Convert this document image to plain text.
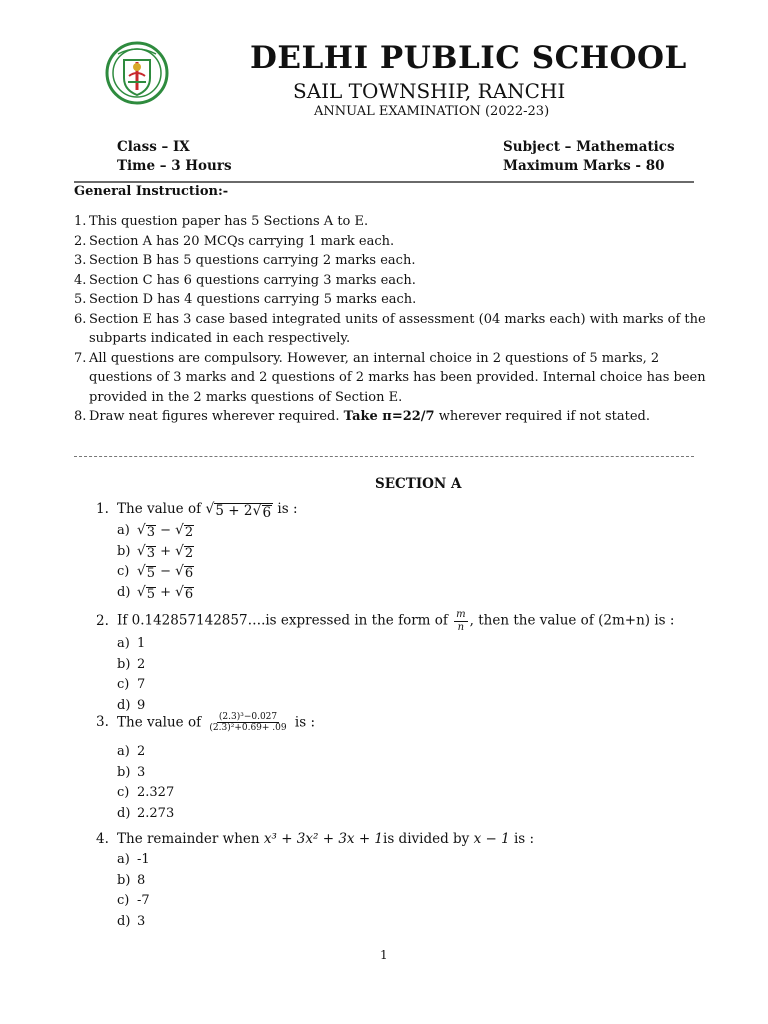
DELHI PUBLIC SCHOOL
SAIL TOWNSHIP, RANCHI
ANNUAL EXAMINATION (2022-23)
Class – IX
Time – 3 Hours
Subject – Mathematics
Maximum Marks - 80
General Instruction:-
1. This question paper has 5 Sections A to E.
2. Section A has 20 MCQs carrying 1 mark each.
3. Section B has 5 questions carrying 2 marks each.
4. Section C has 6 questions carrying 3 marks each.
5. Section D has 4 questions carrying 5 marks each.
6. Section E has 3 case based integrated units of assessment (04 marks each) with marks of the
subparts indicated in each respectively.
7. All questions are compulsory. However, an internal choice in 2 questions of 5 marks, 2
questions of 3 marks and 2 questions of 2 marks has been provided. Internal choice has been
provided in the 2 marks questions of Section E.
8. Draw neat figures wherever required. Take π=22/7 wherever required if not stated.
SECTION A
1. The value of √ 5 + 2 √ 6 is :
a) √ 3 − √ 2
b) √ 3 + √ 2
c) √ 5 − √ 6
d) √ 5 + √ 6
2. If 0.142857142857….is expressed in the form of $\frac{m}{n}$ , then the value of (2m+n) is :
a) 1
b) 2
c) 7
d) 9
3. The value of $\frac{\text{(2.3)³−0.027}}{\text{(2.3)²+0.69+ .09}}$ is :
a) 2
b) 3
c) 2.327
d) 2.273
4. The remainder when x³ + 3x² + 3x + 1is divided by x − 1 is :
a) -1
b) 8
c) -7
d) 3
1
